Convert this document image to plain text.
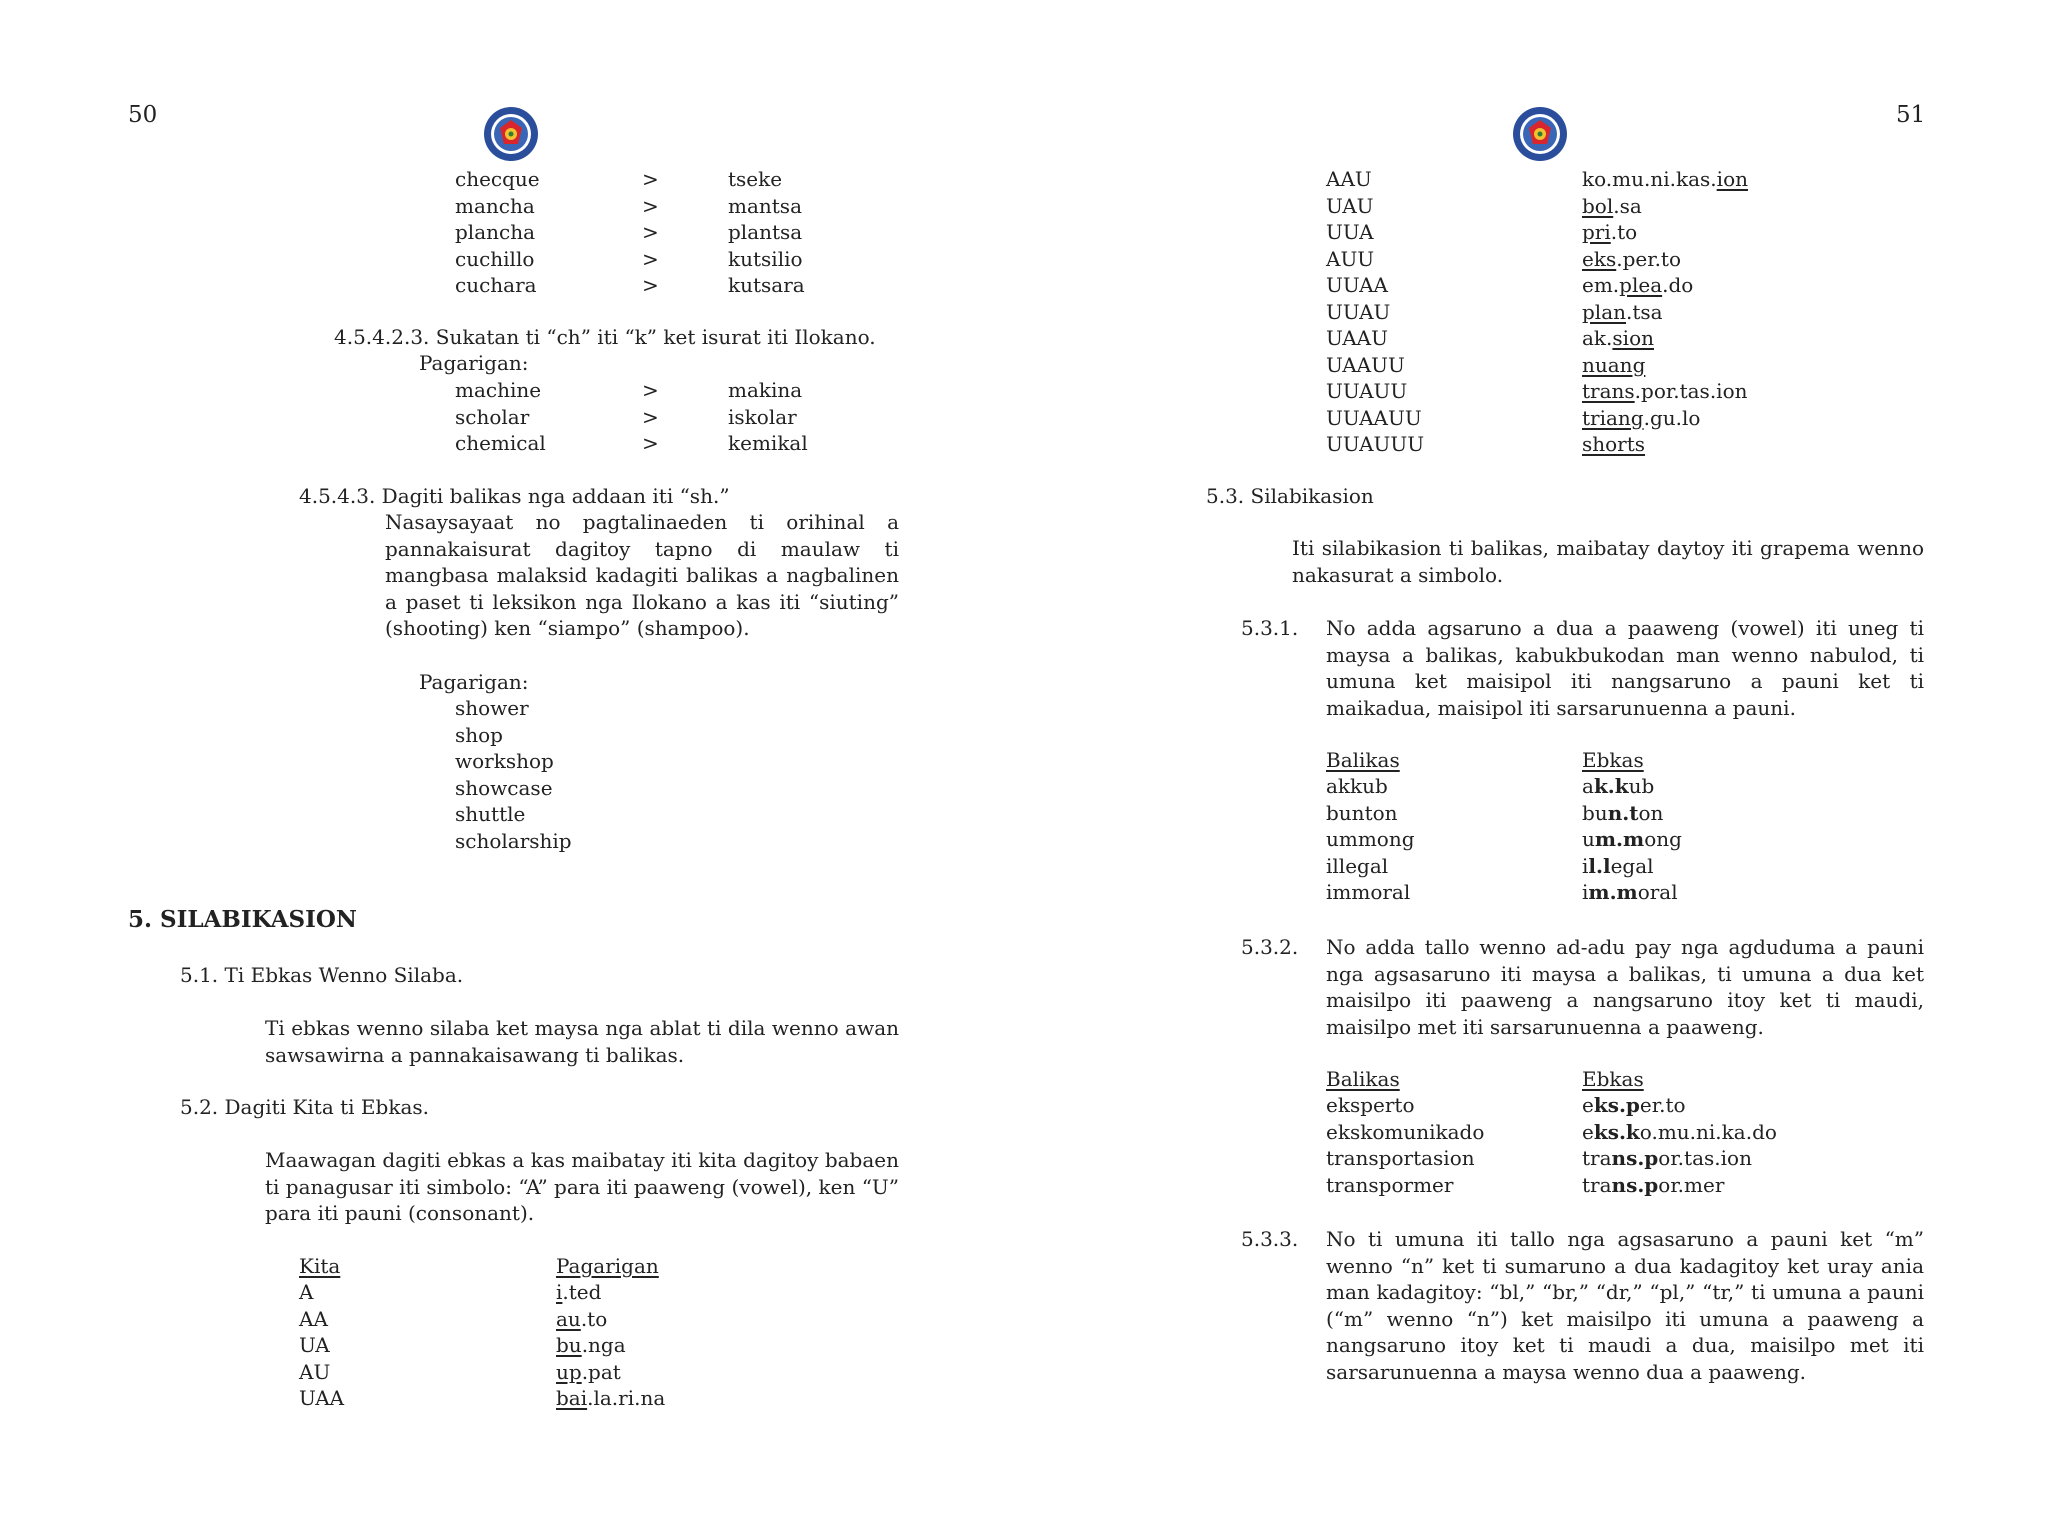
50
checque	>	tseke
mancha	>	mantsa
plancha	>	plantsa
cuchillo	>	kutsilio
cuchara	>	kutsara
4.5.4.2.3. Sukatan ti “ch” iti “k” ket isurat iti Ilokano.
Pagarigan:
machine	>	makina
scholar	>	iskolar
chemical	>	kemikal
4.5.4.3. Dagiti balikas nga addaan iti “sh.”
Nasaysayaat no pagtalinaeden ti orihinal a pannakaisurat dagitoy tapno di maulaw ti mangbasa malaksid kadagiti balikas a nagbalinen a paset ti leksikon nga Ilokano a kas iti “siuting” (shooting) ken “siampo” (shampoo).
Pagarigan:
shower
shop
workshop
showcase
shuttle
scholarship
5. SILABIKASION
5.1. Ti Ebkas Wenno Silaba.
Ti ebkas wenno silaba ket maysa nga ablat ti dila wenno awan sawsawirna a pannakaisawang ti balikas.
5.2. Dagiti Kita ti Ebkas.
Maawagan dagiti ebkas a kas maibatay iti kita dagitoy babaen ti panagusar iti simbolo: “A” para iti paaweng (vowel), ken “U” para iti pauni (consonant).
Kita	Pagarigan
A	i.ted
AA	au.to
UA	bu.nga
AU	up.pat
UAA	bai.la.ri.na
51
AAU	ko.mu.ni.kas.ion
UAU	bol.sa
UUA	pri.to
AUU	eks.per.to
UUAA	em.plea.do
UUAU	plan.tsa
UAAU	ak.sion
UAAUU	nuang
UUAUU	trans.por.tas.ion
UUAAUU	triang.gu.lo
UUAUUU	shorts
5.3. Silabikasion
Iti silabikasion ti balikas, maibatay daytoy iti grapema wenno nakasurat a simbolo.
5.3.1. No adda agsaruno a dua a paaweng (vowel) iti uneg ti maysa a balikas, kabukbukodan man wenno nabulod, ti umuna ket maisipol iti nangsaruno a pauni ket ti maikadua, maisipol iti sarsarunuenna a pauni.
Balikas	Ebkas
akkub	ak.kub
bunton	bun.ton
ummong	um.mong
illegal	il.legal
immoral	im.moral
5.3.2. No adda tallo wenno ad-adu pay nga agduduma a pauni nga agsasaruno iti maysa a balikas, ti umuna a dua ket maisilpo iti paaweng a nangsaruno itoy ket ti maudi, maisilpo met iti sarsarunuenna a paaweng.
Balikas	Ebkas
eksperto	eks.per.to
ekskomunikado	eks.ko.mu.ni.ka.do
transportasion	trans.por.tas.ion
transpormer	trans.por.mer
5.3.3. No ti umuna iti tallo nga agsasaruno a pauni ket “m” wenno “n” ket ti sumaruno a dua kadagitoy ket uray ania man kadagitoy: “bl,” “br,” “dr,” “pl,” “tr,” ti umuna a pauni (“m” wenno “n”) ket maisilpo iti umuna a paaweng a nangsaruno itoy ket ti maudi a dua, maisilpo met iti sarsarunuenna a maysa wenno dua a paaweng.
